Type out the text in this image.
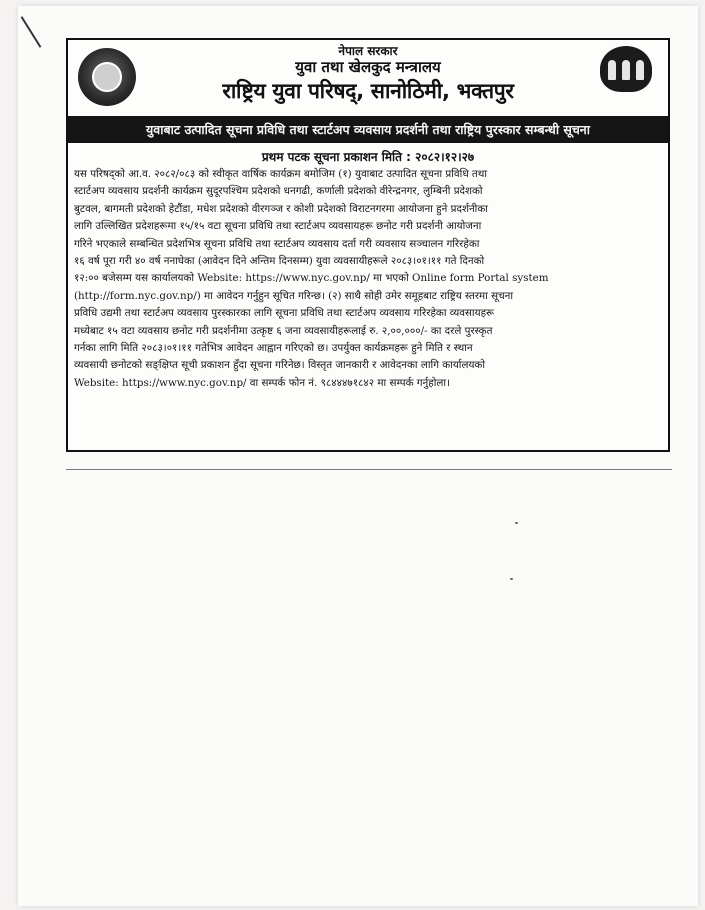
नेपाल सरकार
युवा तथा खेलकुद मन्त्रालय
राष्ट्रिय युवा परिषद्, सानोठिमी, भक्तपुर
युवाबाट उत्पादित सूचना प्रविधि तथा स्टार्टअप व्यवसाय प्रदर्शनी तथा राष्ट्रिय पुरस्कार सम्बन्धी सूचना
प्रथम पटक सूचना प्रकाशन मिति : २०८२।१२।२७
यस परिषद्को आ.व. २०८२/०८३ को स्वीकृत वार्षिक कार्यक्रम बमोजिम (१) युवाबाट उत्पादित सूचना प्रविधि तथा
स्टार्टअप व्यवसाय प्रदर्शनी कार्यक्रम सुदूरपश्चिम प्रदेशको धनगढी, कर्णाली प्रदेशको वीरेन्द्रनगर, लुम्बिनी प्रदेशको
बुटवल, बागमती प्रदेशको हेटौंडा, मधेश प्रदेशको वीरगञ्ज र कोशी प्रदेशको विराटनगरमा आयोजना हुने प्रदर्शनीका
लागि उल्लिखित प्रदेशहरूमा १५/१५ वटा सूचना प्रविधि तथा स्टार्टअप व्यवसायहरू छनोट गरी प्रदर्शनी आयोजना
गरिने भएकाले सम्बन्धित प्रदेशभित्र सूचना प्रविधि तथा स्टार्टअप व्यवसाय दर्ता गरी व्यवसाय सञ्चालन गरिरहेका
१६ वर्ष पूरा गरी ४० वर्ष ननाघेका (आवेदन दिने अन्तिम दिनसम्म) युवा व्यवसायीहरूले २०८३।०१।११ गते दिनको
१२:०० बजेसम्म यस कार्यालयको Website: https://www.nyc.gov.np/ मा भएको Online form Portal system
(http://form.nyc.gov.np/) मा आवेदन गर्नुहुन सूचित गरिन्छ। (२) साथै सोही उमेर समूहबाट राष्ट्रिय स्तरमा सूचना
प्रविधि उद्यमी तथा स्टार्टअप व्यवसाय पुरस्कारका लागि सूचना प्रविधि तथा स्टार्टअप व्यवसाय गरिरहेका व्यवसायहरू
मध्येबाट १५ वटा व्यवसाय छनोट गरी प्रदर्शनीमा उत्कृष्ट ६ जना व्यवसायीहरूलाई रु. २,००,०००/- का दरले पुरस्कृत
गर्नका लागि मिति २०८३।०१।११ गतेभित्र आवेदन आह्वान गरिएको छ। उपर्युक्त कार्यक्रमहरू हुने मिति र स्थान
व्यवसायी छनोटको सङ्क्षिप्त सूची प्रकाशन हुँदा सूचना गरिनेछ। विस्तृत जानकारी र आवेदनका लागि कार्यालयको
Website: https://www.nyc.gov.np/ वा सम्पर्क फोन नं. ९८४४४७१८४२ मा सम्पर्क गर्नुहोला।
